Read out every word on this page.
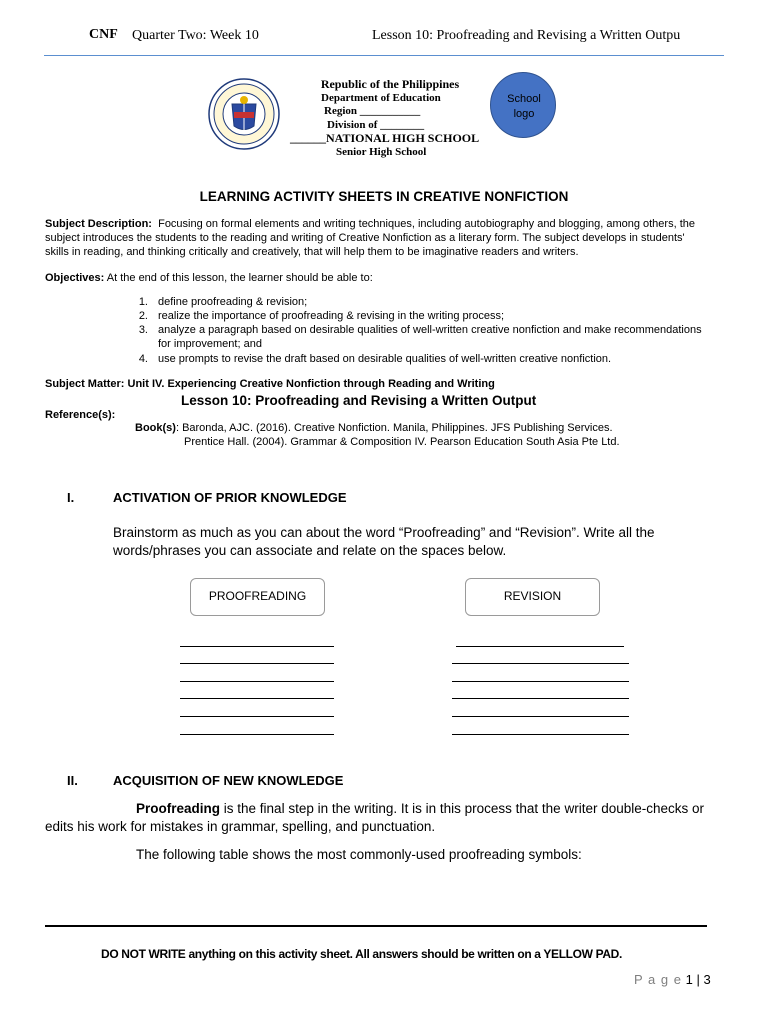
CNF Quarter Two: Week 10	Lesson 10: Proofreading and Revising a Written Outpu
Republic of the Philippines
Department of Education
Region ___________
Division of ________
______NATIONAL HIGH SCHOOL
Senior High School
School logo
LEARNING ACTIVITY SHEETS IN CREATIVE NONFICTION
Subject Description: Focusing on formal elements and writing techniques, including autobiography and blogging, among others, the
subject introduces the students to the reading and writing of Creative Nonfiction as a literary form. The subject develops in students'
skills in reading, and thinking critically and creatively, that will help them to be imaginative readers and writers.
Objectives: At the end of this lesson, the learner should be able to:
1. define proofreading & revision;
2. realize the importance of proofreading & revising in the writing process;
3. analyze a paragraph based on desirable qualities of well-written creative nonfiction and make recommendations
for improvement; and
4. use prompts to revise the draft based on desirable qualities of well-written creative nonfiction.
Subject Matter: Unit IV. Experiencing Creative Nonfiction through Reading and Writing
Lesson 10: Proofreading and Revising a Written Output
Reference(s):
Book(s): Baronda, AJC. (2016). Creative Nonfiction. Manila, Philippines. JFS Publishing Services.
Prentice Hall. (2004). Grammar & Composition IV. Pearson Education South Asia Pte Ltd.
I.	ACTIVATION OF PRIOR KNOWLEDGE
Brainstorm as much as you can about the word “Proofreading” and “Revision”. Write all the
words/phrases you can associate and relate on the spaces below.
PROOFREADING	REVISION
II.	ACQUISITION OF NEW KNOWLEDGE
Proofreading is the final step in the writing. It is in this process that the writer double-checks or
edits his work for mistakes in grammar, spelling, and punctuation.
The following table shows the most commonly-used proofreading symbols:
DO NOT WRITE anything on this activity sheet. All answers should be written on a YELLOW PAD.
P a g e 1 | 3
